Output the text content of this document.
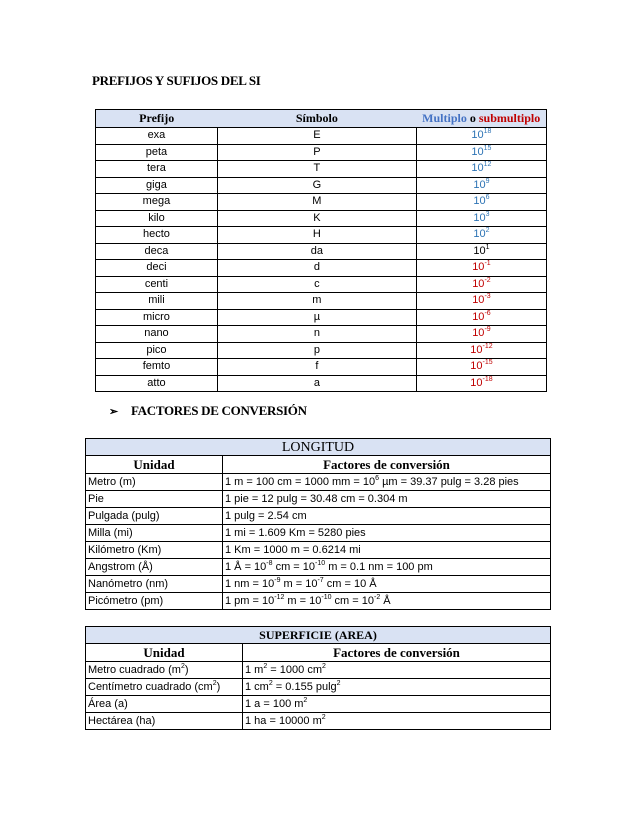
PREFIJOS Y SUFIJOS DEL SI
Prefijo	Símbolo	Multiplo o submultiplo
exa	E	$10^{18}$
peta	P	$10^{15}$
tera	T	$10^{12}$
giga	G	$10^9$
mega	M	$10^6$
kilo	K	$10^3$
hecto	H	$10^2$
deca	da	$10^1$
deci	d	$10^{-1}$
centi	c	$10^{-2}$
mili	m	$10^{-3}$
micro	µ	$10^{-6}$
nano	n	$10^{-9}$
pico	p	$10^{-12}$
femto	f	$10^{-15}$
atto	a	$10^{-18}$
➢ FACTORES DE CONVERSIÓN
LONGITUD	
Unidad	Factores de conversión
Metro (m)	1 m = 100 cm = 1000 mm = $10^6$ µm = 39.37 pulg = 3.28 pies
Pie	1 pie = 12 pulg = 30.48 cm = 0.304 m
Pulgada (pulg)	1 pulg = 2.54 cm
Milla (mi)	1 mi = 1.609 Km = 5280 pies
Kilómetro (Km)	1 Km = 1000 m = 0.6214 mi
Angstrom (Å)	1 Å = $10^{-8}$ cm = $10^{-10}$ m = 0.1 nm = 100 pm
Nanómetro (nm)	1 nm = $10^{-9}$ $m = 10^{-7}$ cm = 10 Å
Picómetro (pm)	1 pm = $10^{-12}$ $m = 10^{-10}$ cm = $10^{-2}$ Å
SUPERFICIE (AREA)	
Unidad	Factores de conversión
Metro cuadrado $(m^2)$	1 $m^2 = 1000$ $cm^2$
Centímetro cuadrado $(cm^2)$	1 $cm^2 = 0.155$ pulg$^2$
Área (a)	1 a = 100 $m^2$
Hectárea (ha)	1 ha = 10000 $m^2$
